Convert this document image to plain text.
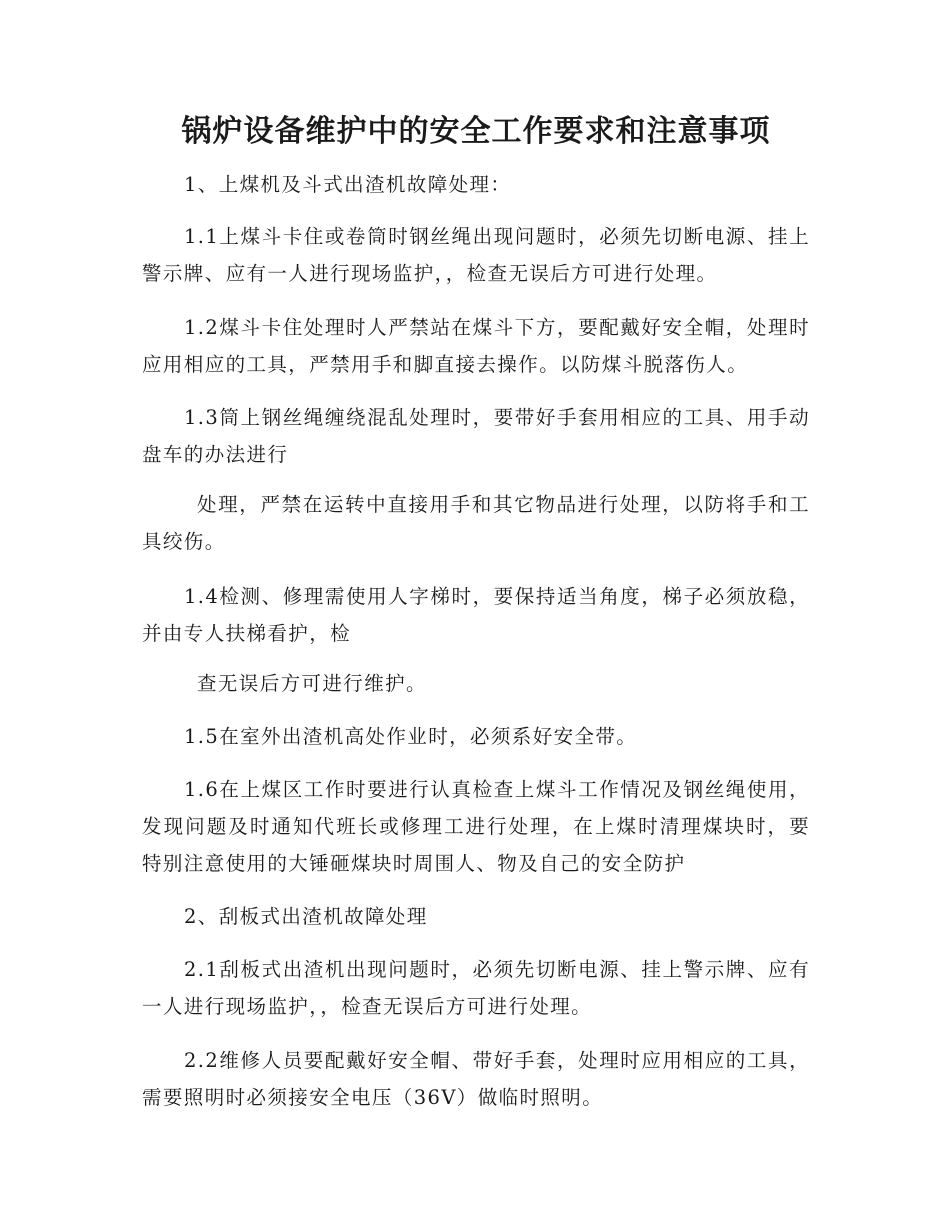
锅炉设备维护中的安全工作要求和注意事项

1、上煤机及斗式出渣机故障处理：

1.1上煤斗卡住或卷筒时钢丝绳出现问题时，必须先切断电源、挂上警示牌、应有一人进行现场监护，，检查无误后方可进行处理。

1.2煤斗卡住处理时人严禁站在煤斗下方，要配戴好安全帽，处理时应用相应的工具，严禁用手和脚直接去操作。以防煤斗脱落伤人。

1.3筒上钢丝绳缠绕混乱处理时，要带好手套用相应的工具、用手动盘车的办法进行

处理，严禁在运转中直接用手和其它物品进行处理，以防将手和工具绞伤。

1.4检测、修理需使用人字梯时，要保持适当角度，梯子必须放稳，并由专人扶梯看护，检

查无误后方可进行维护。

1.5在室外出渣机高处作业时，必须系好安全带。

1.6在上煤区工作时要进行认真检查上煤斗工作情况及钢丝绳使用，发现问题及时通知代班长或修理工进行处理，在上煤时清理煤块时，要特别注意使用的大锤砸煤块时周围人、物及自己的安全防护

2、刮板式出渣机故障处理

2.1刮板式出渣机出现问题时，必须先切断电源、挂上警示牌、应有一人进行现场监护，，检查无误后方可进行处理。

2.2维修人员要配戴好安全帽、带好手套，处理时应用相应的工具，需要照明时必须接安全电压（36V）做临时照明。
